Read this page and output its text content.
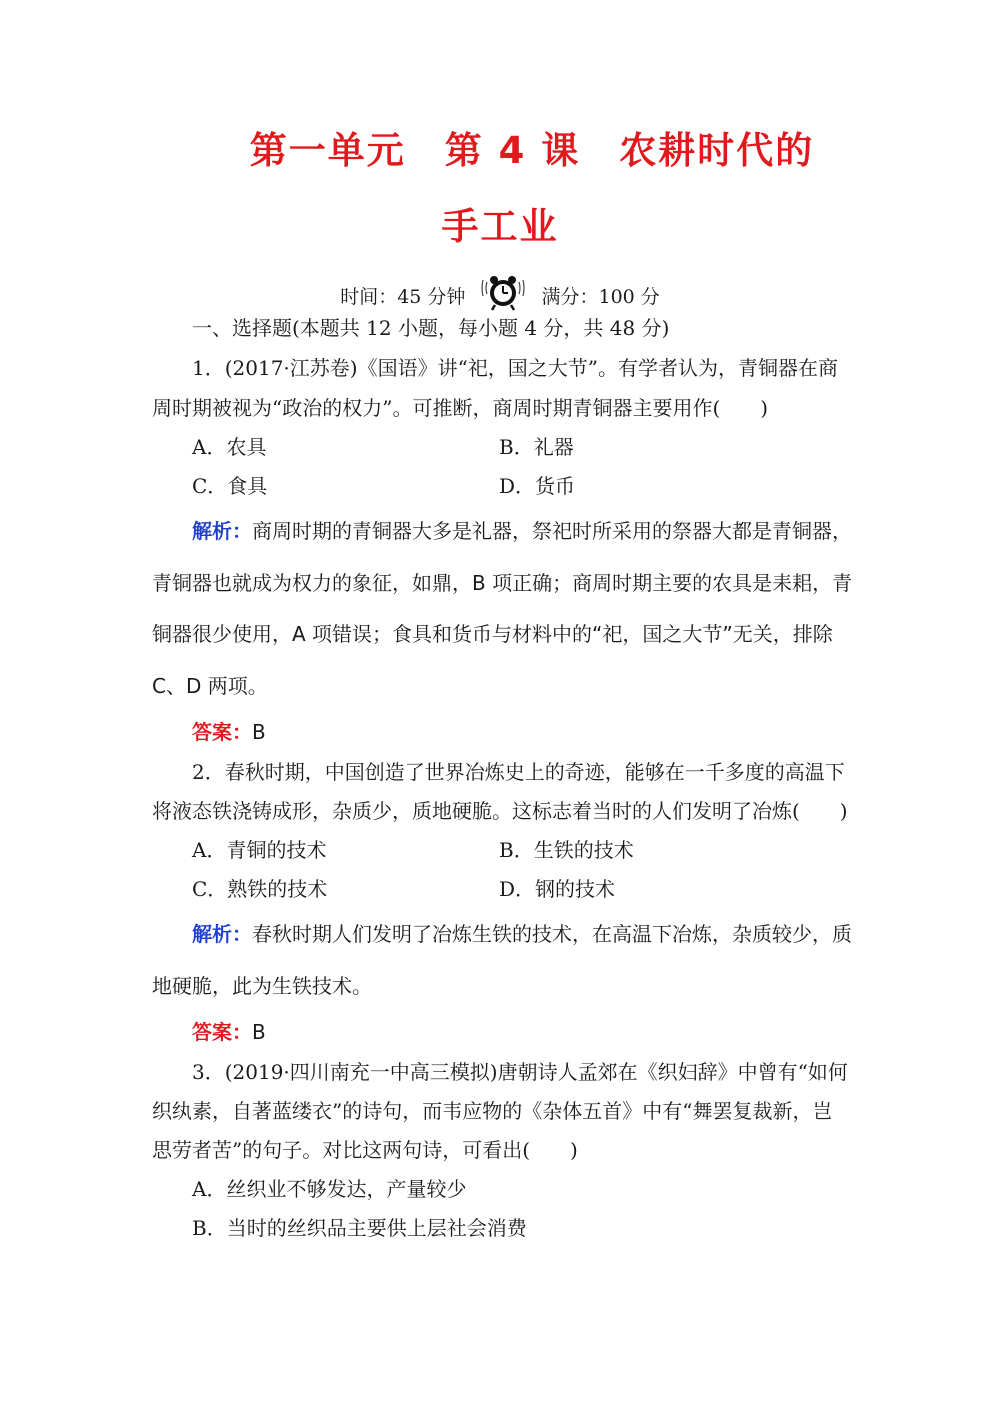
第一单元　第 4 课　农耕时代的
手工业
时间：45 分钟	满分：100 分
一、选择题(本题共 12 小题，每小题 4 分，共 48 分)
1．(2017·江苏卷)《国语》讲“祀，国之大节”。有学者认为，青铜器在商
周时期被视为“政治的权力”。可推断，商周时期青铜器主要用作(　　)
A．农具	B．礼器
C．食具	D．货币
解析：商周时期的青铜器大多是礼器，祭祀时所采用的祭器大都是青铜器，
青铜器也就成为权力的象征，如鼎，B 项正确；商周时期主要的农具是耒耜，青
铜器很少使用，A 项错误；食具和货币与材料中的“祀，国之大节”无关，排除
C、D 两项。
答案：B
2．春秋时期，中国创造了世界冶炼史上的奇迹，能够在一千多度的高温下
将液态铁浇铸成形，杂质少，质地硬脆。这标志着当时的人们发明了冶炼(　　)
A．青铜的技术	B．生铁的技术
C．熟铁的技术	D．钢的技术
解析：春秋时期人们发明了冶炼生铁的技术，在高温下冶炼，杂质较少，质
地硬脆，此为生铁技术。
答案：B
3．(2019·四川南充一中高三模拟)唐朝诗人孟郊在《织妇辞》中曾有“如何
织纨素，自著蓝缕衣”的诗句，而韦应物的《杂体五首》中有“舞罢复裁新，岂
思劳者苦”的句子。对比这两句诗，可看出(　　)
A．丝织业不够发达，产量较少
B．当时的丝织品主要供上层社会消费
